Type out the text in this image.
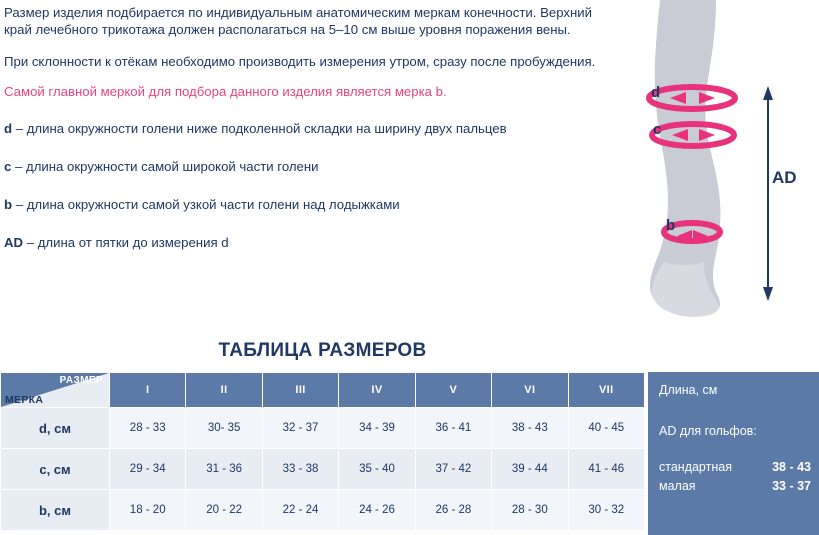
Размер изделия подбирается по индивидуальным анатомическим меркам конечности. Верхний край лечебного трикотажа должен располагаться на 5–10 см выше уровня поражения вены.

При склонности к отёкам необходимо производить измерения утром, сразу после пробуждения.

Самой главной меркой для подбора данного изделия является мерка b.

d – длина окружности голени ниже подколенной складки на ширину двух пальцев

c – длина окружности самой широкой части голени

b – длина окружности самой узкой части голени над лодыжками

AD – длина от пятки до измерения d

d
c
b
AD
ТАБЛИЦА РАЗМЕРОВ
РАЗМЕР
МЕРКА	I	II	III	IV	V	VI	VII
d, см	28 - 33	30- 35	32 - 37	34 - 39	36 - 41	38 - 43	40 - 45
с, см	29 - 34	31 - 36	33 - 38	35 - 40	37 - 42	39 - 44	41 - 46
b, см	18 - 20	20 - 22	22 - 24	24 - 26	26 - 28	28 - 30	30 - 32
Длина, см
AD для гольфов:
стандартная	38 - 43
малая	33 - 37
